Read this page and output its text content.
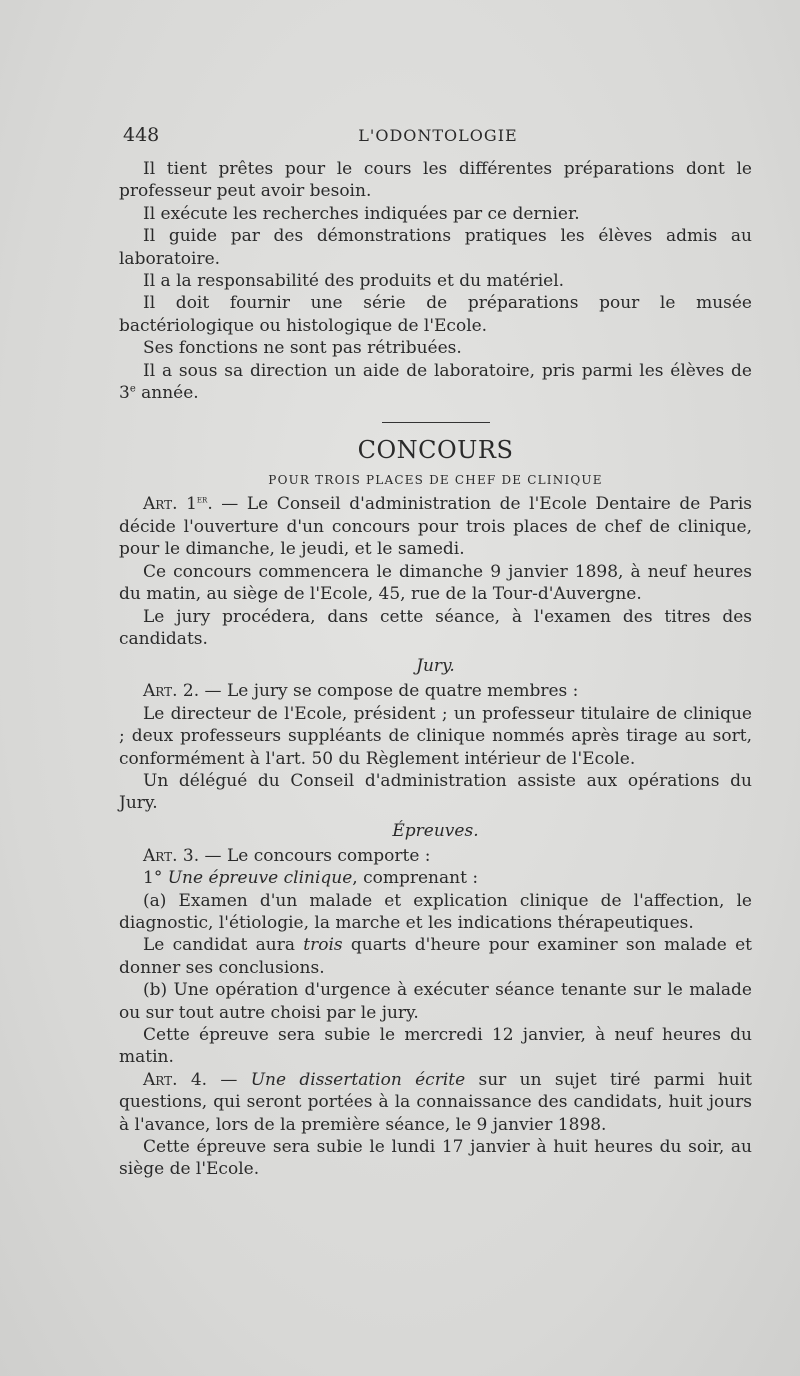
448	L'ODONTOLOGIE

Il tient prêtes pour le cours les différentes préparations dont le professeur peut avoir besoin.

Il exécute les recherches indiquées par ce dernier.

Il guide par des démonstrations pratiques les élèves admis au laboratoire.

Il a la responsabilité des produits et du matériel.

Il doit fournir une série de préparations pour le musée bactériologique ou histologique de l'Ecole.

Ses fonctions ne sont pas rétribuées.

Il a sous sa direction un aide de laboratoire, pris parmi les élèves de 3e année.

CONCOURS
POUR TROIS PLACES DE CHEF DE CLINIQUE

Art. 1er. — Le Conseil d'administration de l'Ecole Dentaire de Paris décide l'ouverture d'un concours pour trois places de chef de clinique, pour le dimanche, le jeudi, et le samedi.

Ce concours commencera le dimanche 9 janvier 1898, à neuf heures du matin, au siège de l'Ecole, 45, rue de la Tour-d'Auvergne.

Le jury procédera, dans cette séance, à l'examen des titres des candidats.

Jury.

Art. 2. — Le jury se compose de quatre membres :

Le directeur de l'Ecole, président ; un professeur titulaire de clinique ; deux professeurs suppléants de clinique nommés après tirage au sort, conformément à l'art. 50 du Règlement intérieur de l'Ecole.

Un délégué du Conseil d'administration assiste aux opérations du Jury.

Épreuves.

Art. 3. — Le concours comporte :

1° Une épreuve clinique, comprenant :

(a) Examen d'un malade et explication clinique de l'affection, le diagnostic, l'étiologie, la marche et les indications thérapeutiques.

Le candidat aura trois quarts d'heure pour examiner son malade et donner ses conclusions.

(b) Une opération d'urgence à exécuter séance tenante sur le malade ou sur tout autre choisi par le jury.

Cette épreuve sera subie le mercredi 12 janvier, à neuf heures du matin.

Art. 4. — Une dissertation écrite sur un sujet tiré parmi huit questions, qui seront portées à la connaissance des candidats, huit jours à l'avance, lors de la première séance, le 9 janvier 1898.

Cette épreuve sera subie le lundi 17 janvier à huit heures du soir, au siège de l'Ecole.
